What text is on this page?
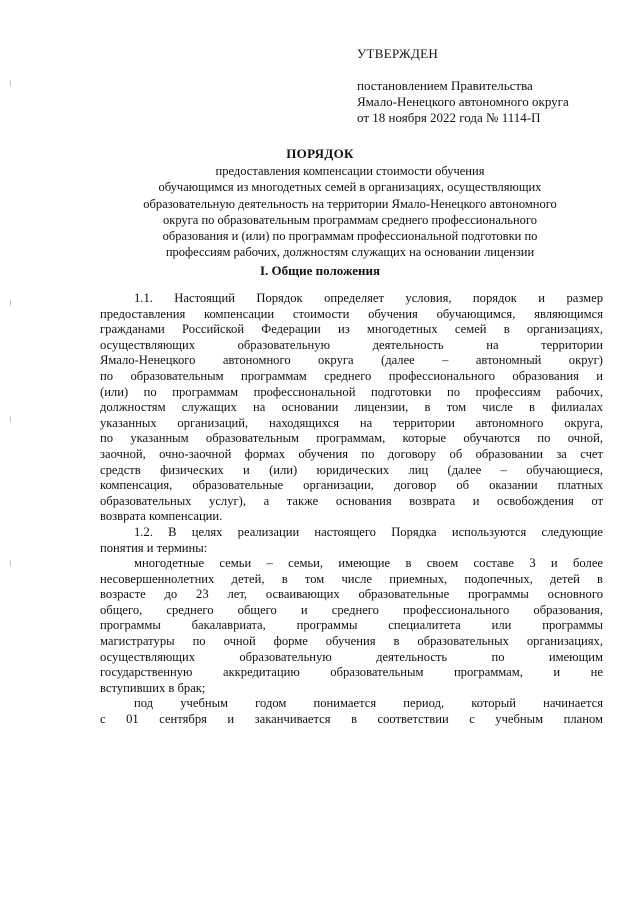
УТВЕРЖДЕН
постановлением Правительства
Ямало-Ненецкого автономного округа
от 18 ноября 2022 года № 1114-П
ПОРЯДОК
предоставления компенсации стоимости обучения
обучающимся из многодетных семей в организациях, осуществляющих
образовательную деятельность на территории Ямало-Ненецкого автономного
округа по образовательным программам среднего профессионального
образования и (или) по программам профессиональной подготовки по
профессиям рабочих, должностям служащих на основании лицензии
I. Общие положения
1.1. Настоящий Порядок определяет условия, порядок и размер
предоставления компенсации стоимости обучения обучающимся, являющимся
гражданами Российской Федерации из многодетных семей в организациях,
осуществляющих образовательную деятельность на территории
Ямало-Ненецкого автономного округа (далее – автономный округ)
по образовательным программам среднего профессионального образования и
(или) по программам профессиональной подготовки по профессиям рабочих,
должностям служащих на основании лицензии, в том числе в филиалах
указанных организаций, находящихся на территории автономного округа,
по указанным образовательным программам, которые обучаются по очной,
заочной, очно-заочной формах обучения по договору об образовании за счет
средств физических и (или) юридических лиц (далее – обучающиеся,
компенсация, образовательные организации, договор об оказании платных
образовательных услуг), а также основания возврата и освобождения от
возврата компенсации.
1.2. В целях реализации настоящего Порядка используются следующие
понятия и термины:
многодетные семьи – семьи, имеющие в своем составе 3 и более
несовершеннолетних детей, в том числе приемных, подопечных, детей в
возрасте до 23 лет, осваивающих образовательные программы основного
общего, среднего общего и среднего профессионального образования,
программы бакалавриата, программы специалитета или программы
магистратуры по очной форме обучения в образовательных организациях,
осуществляющих образовательную деятельность по имеющим
государственную аккредитацию образовательным программам, и не
вступивших в брак;
под учебным годом понимается период, который начинается
с 01 сентября и заканчивается в соответствии с учебным планом
